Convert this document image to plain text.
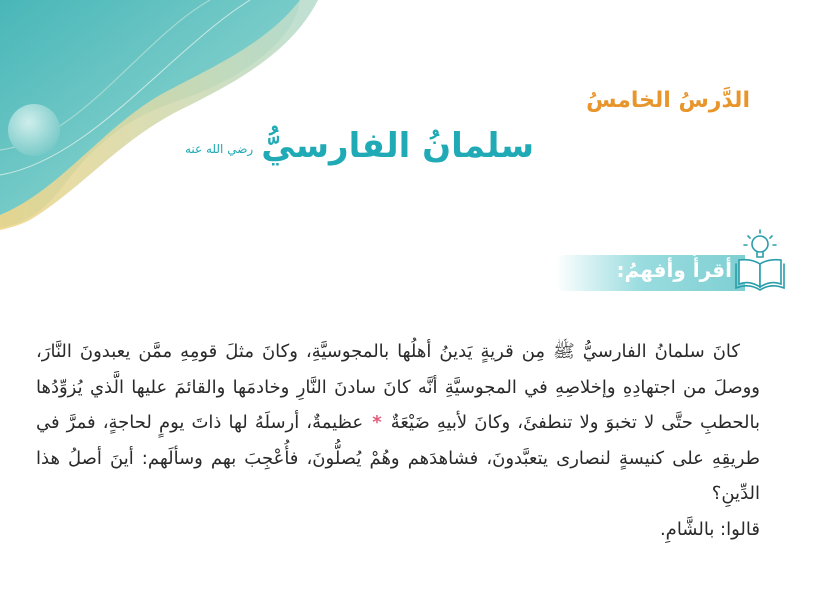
الدَّرسُ الخامسُ
سلمانُ الفارسيُّ
رضي الله عنه
أقرأُ وأفهمُ:

كانَ سلمانُ الفارسيُّ ﷺ مِن قريةٍ يَدينُ أهلُها بالمجوسيَّةِ، وكانَ مثلَ قومِهِ ممَّن يعبدونَ النَّارَ، ووصلَ من اجتهادِهِ وإخلاصِهِ في المجوسيَّةِ أنَّه كانَ سادنَ النَّارِ وخادمَها والقائمَ عليها الَّذي يُزوِّدُها بالحطبِ حتَّى لا تخبوَ ولا تنطفئَ، وكانَ لأبيهِ ضَيْعَةٌ * عظيمةٌ، أرسلَهُ لها ذاتَ يومٍ لحاجةٍ، فمرَّ في طريقِهِ على كنيسةٍ لنصارى يتعبَّدونَ، فشاهدَهم وهُمْ يُصلُّونَ، فأُعْجِبَ بهم وسألَهم: أينَ أصلُ هذا الدِّينِ؟

قالوا: بالشَّامِ.
